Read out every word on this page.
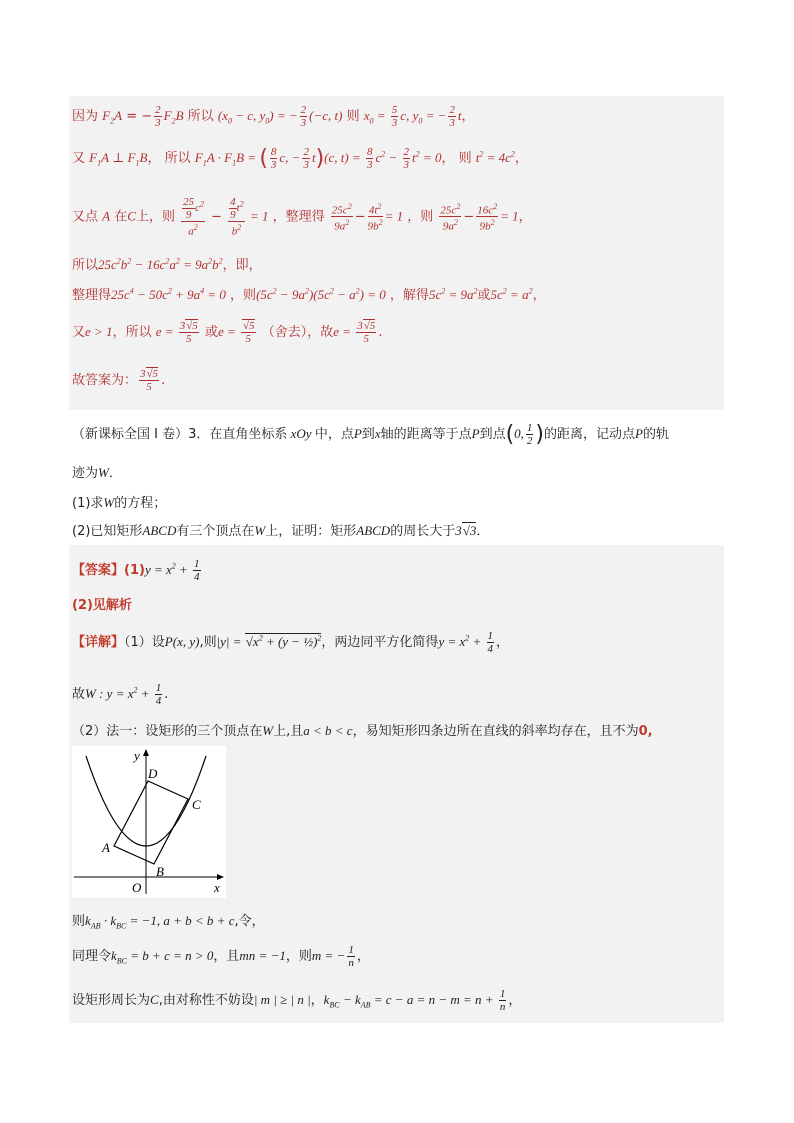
因为 $F_2A$ = − $\frac{2}{3} F_2B$ 所以 ($x_0 - c$, $y_0$) = − $\frac{2}{3} (-c$, t) 则 $x_0 = \frac{5}{3} c$, $y_0$ = − $\frac{2}{3}$ t，
又 $F_1A$ ⊥ $F_1B$， 所以 $F_1A \cdot F_1B$ = ( $\frac{8}{3} c$, − $\frac{2}{3} t)(c$, $t) = \frac{8}{3} c^2 - \frac{2}{3} t^2 = 0$， 则 $t^2 = 4c^2$，
又点 A 在C上，则 $\frac{\frac{25}{9} c^2}{a^2} - \frac{\frac{4}{9} t^2}{b^2} = 1$ ，整理得 $\frac{25c^2}{9a^2} - \frac{4t^2}{9b^2} = 1$ ，则 $\frac{25c^2}{9a^2} - \frac{16c^2}{9b^2} = 1$，
所以$25c^2b^2 - 16c^2a^2 = 9a^2b^2$，即，
整理得$25c^4 - 50c^2 + 9a^4 = 0$ ，则$(5c^2 - 9a^2)(5c^2 - a^2) = 0$ ，解得$5c^2 = 9a^2$或$5c^2 = a^2$，
又e > 1，所以 $e = \frac{3√5}{5}$ 或$e = \frac{√5}{5}$ （舍去），故$e = \frac{3√5}{5}$ .
故答案为： $\frac{3√5}{5}$ .
（新课标全国 I 卷）3．在直角坐标系 xOy 中，点P到x轴的距离等于点P到点(0, $\frac{1}{2}$ )的距离，记动点P的轨
迹为W．
(1)求W的方程；
(2)已知矩形ABCD有三个顶点在W上，证明：矩形ABCD的周长大于3√3．
【答案】$(1)y = x^2 + \frac{1}{4}$
(2)见解析
【详解】（1）设P(x, y),则$|y| = √x^2 + (y$ − ½)$^2$，两边同平方化简得$y = x^2 + \frac{1}{4}$ ，
故W : $y = x^2 + \frac{1}{4}$ .
（2）法一：设矩形的三个顶点在W上,且a < b < c，易知矩形四条边所在直线的斜率均存在，且不为0,
y
x
O
A
B
C
D
则$k_{AB} \cdot k_{BC} = -1$, a + b < b + c,令，
同理令$k_{BC} = b + c = n > 0$，且mn = −1，则m = − $\frac{1}{n}$ ，
设矩形周长为C,由对称性不妨设| m | ≥ | n |，$k_{BC} - k_{AB} = c - a = n - m = n + \frac{1}{n}$ ，
